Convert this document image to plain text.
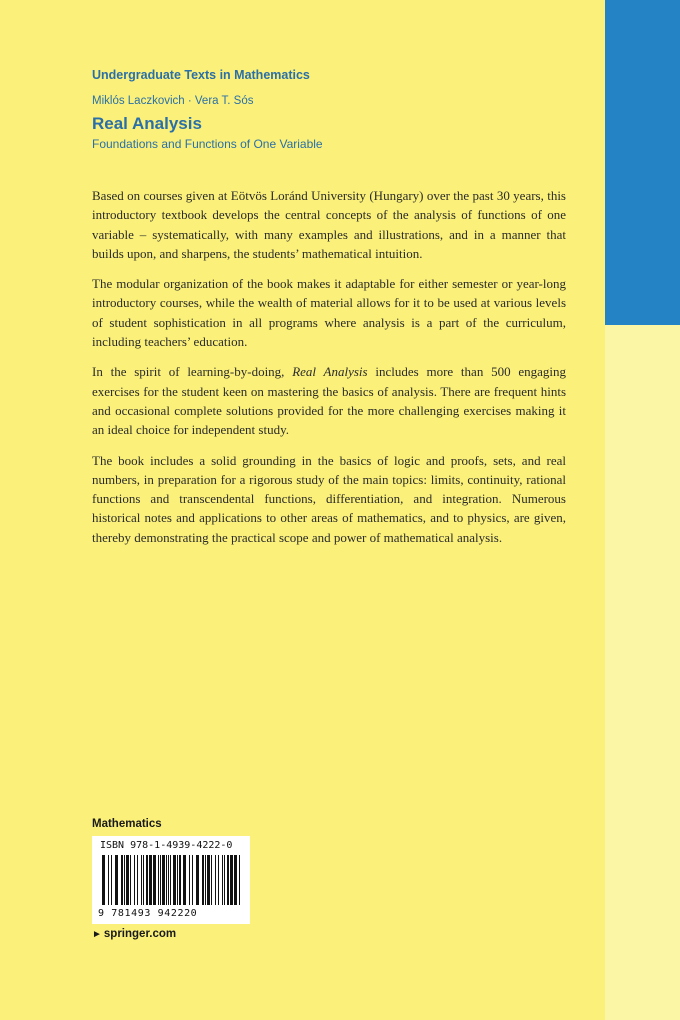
Undergraduate Texts in Mathematics
Miklós Laczkovich · Vera T. Sós
Real Analysis
Foundations and Functions of One Variable

Based on courses given at Eötvös Loránd University (Hungary) over the past 30 years, this introductory textbook develops the central concepts of the analysis of functions of one variable – systematically, with many examples and illustrations, and in a manner that builds upon, and sharpens, the students’ mathematical intuition.

The modular organization of the book makes it adaptable for either semester or year-long introductory courses, while the wealth of material allows for it to be used at various levels of student sophistication in all programs where analysis is a part of the curriculum, including teachers’ education.

In the spirit of learning-by-doing, Real Analysis includes more than 500 engaging exercises for the student keen on mastering the basics of analysis. There are frequent hints and occasional complete solutions provided for the more challenging exercises making it an ideal choice for independent study.

The book includes a solid grounding in the basics of logic and proofs, sets, and real numbers, in preparation for a rigorous study of the main topics: limits, continuity, rational functions and transcendental functions, differentiation, and integration. Numerous historical notes and applications to other areas of mathematics, and to physics, are given, thereby demonstrating the practical scope and power of mathematical analysis.

Mathematics
ISBN 978-1-4939-4222-0
9 781493 942220
► springer.com
